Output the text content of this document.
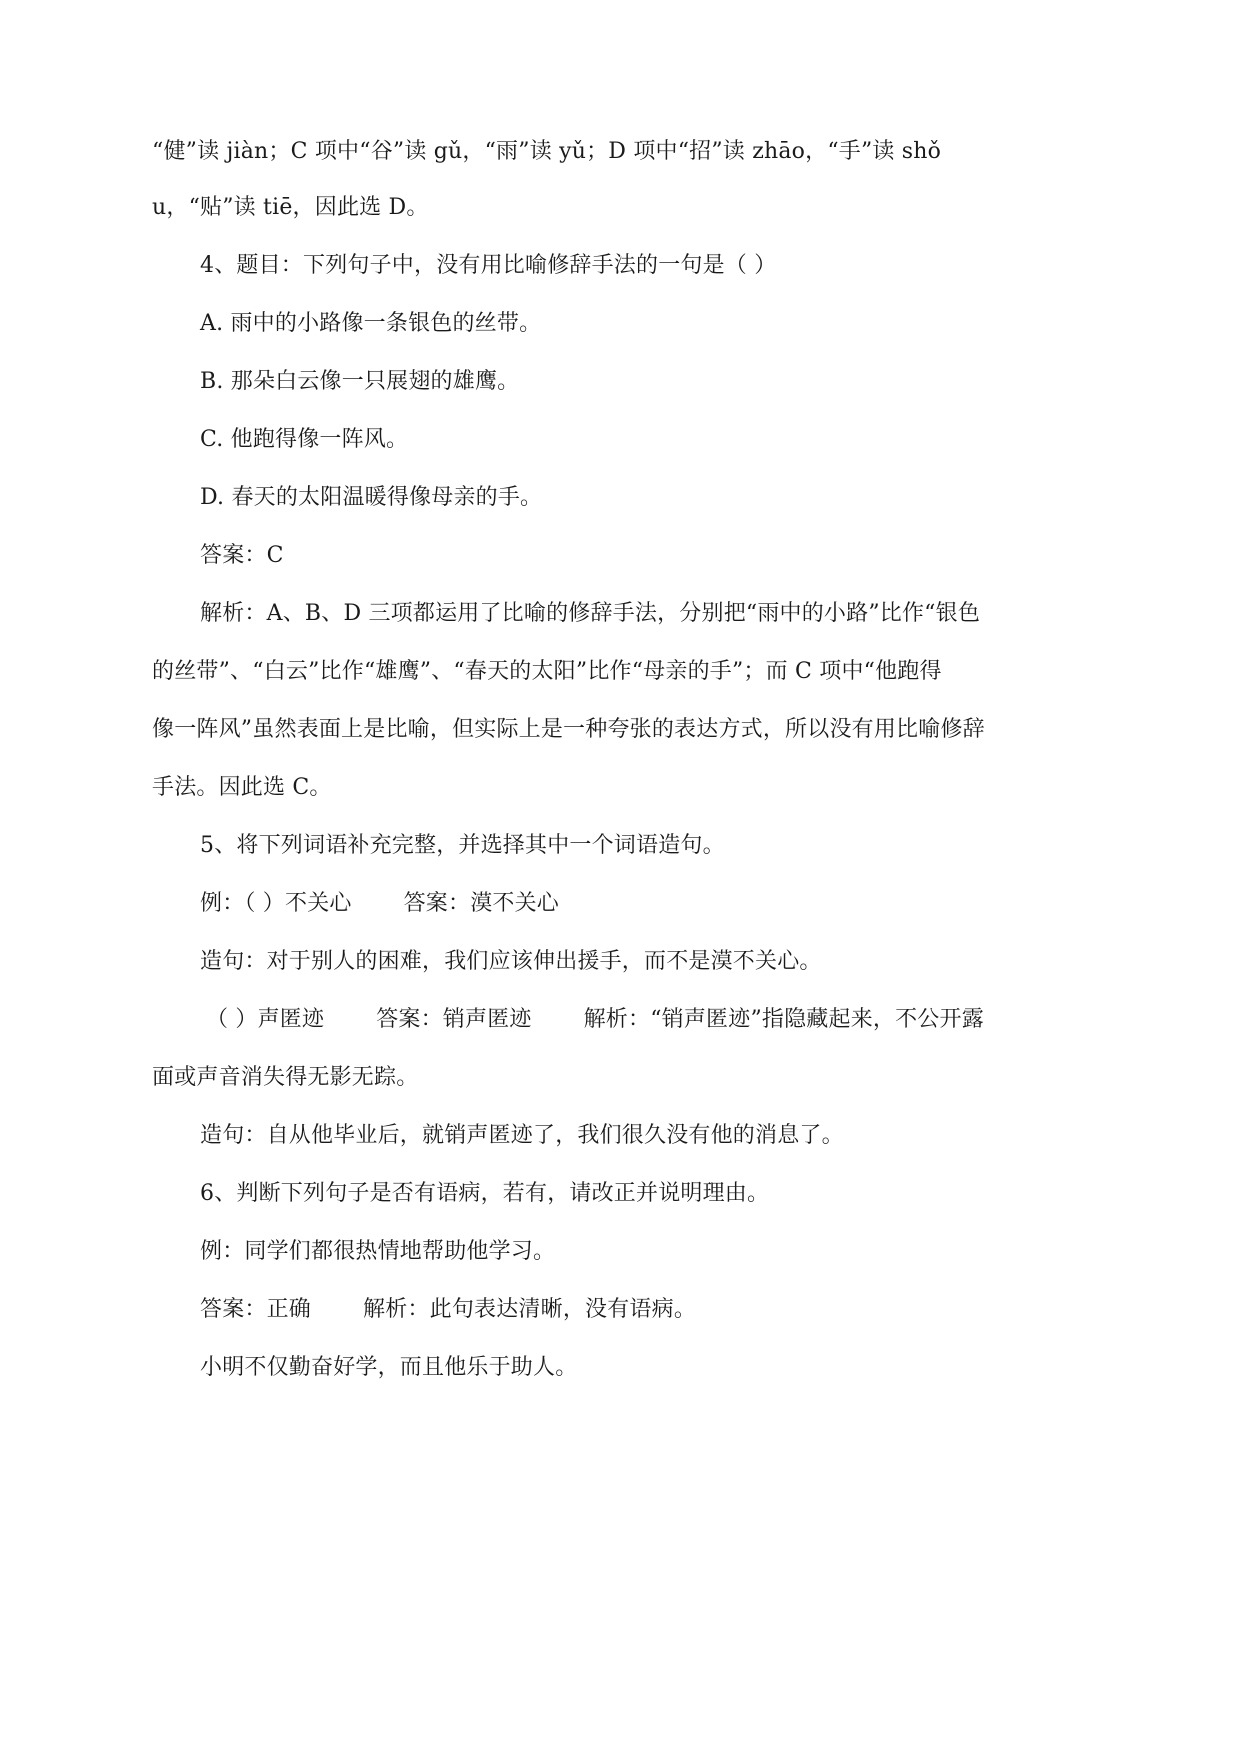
“健”读 jiàn；C 项中“谷”读 gǔ，“雨”读 yǔ；D 项中“招”读 zhāo，“手”读 shǒ
u，“贴”读 tiē，因此选 D。
4、题目：下列句子中，没有用比喻修辞手法的一句是（ ）
A. 雨中的小路像一条银色的丝带。
B. 那朵白云像一只展翅的雄鹰。
C. 他跑得像一阵风。
D. 春天的太阳温暖得像母亲的手。
答案：C
解析：A、B、D 三项都运用了比喻的修辞手法，分别把“雨中的小路”比作“银色
的丝带”、“白云”比作“雄鹰”、“春天的太阳”比作“母亲的手”；而 C 项中“他跑得
像一阵风”虽然表面上是比喻，但实际上是一种夸张的表达方式，所以没有用比喻修辞
手法。因此选 C。
5、将下列词语补充完整，并选择其中一个词语造句。
例：（ ）不关心 答案：漠不关心
造句：对于别人的困难，我们应该伸出援手，而不是漠不关心。
（ ）声匿迹 答案：销声匿迹 解析：“销声匿迹”指隐藏起来，不公开露
面或声音消失得无影无踪。
造句：自从他毕业后，就销声匿迹了，我们很久没有他的消息了。
6、判断下列句子是否有语病，若有，请改正并说明理由。
例：同学们都很热情地帮助他学习。
答案：正确 解析：此句表达清晰，没有语病。
小明不仅勤奋好学，而且他乐于助人。
